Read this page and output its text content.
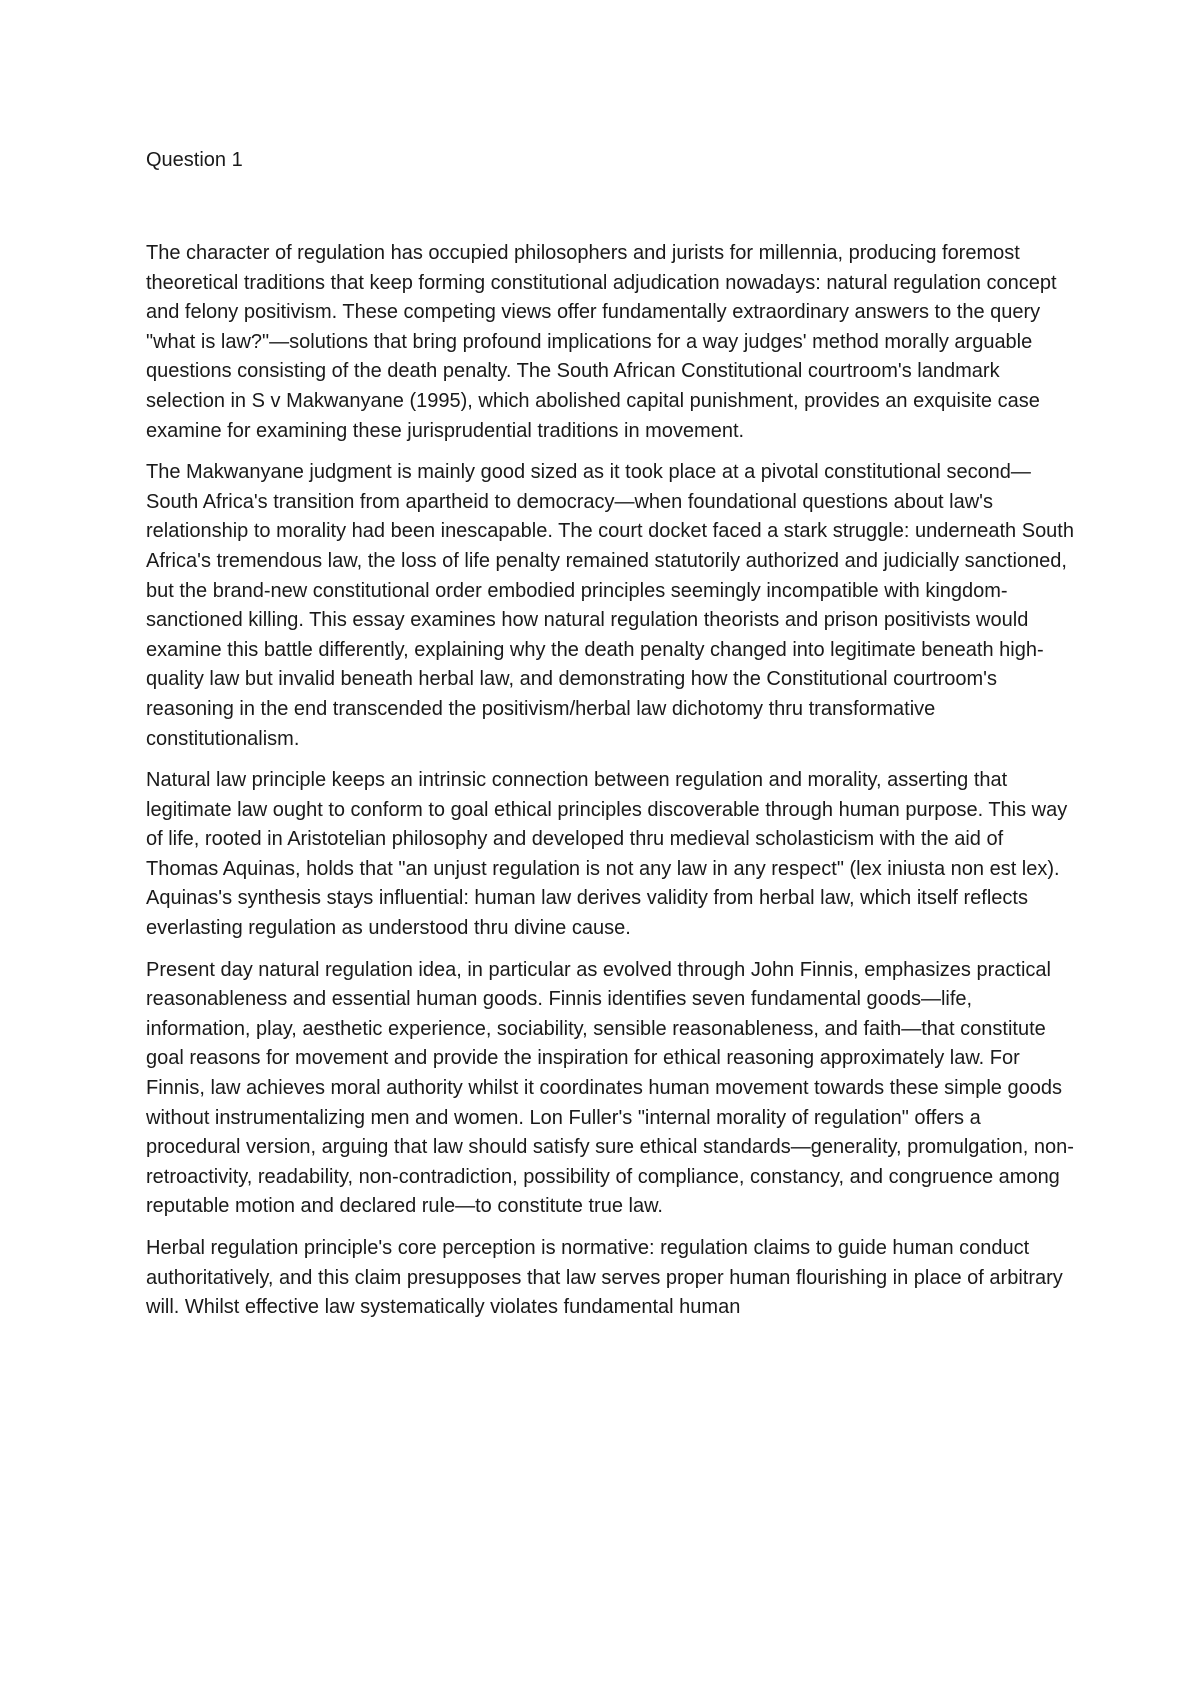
Question 1

The character of regulation has occupied philosophers and jurists for millennia, producing foremost theoretical traditions that keep forming constitutional adjudication nowadays: natural regulation concept and felony positivism. These competing views offer fundamentally extraordinary answers to the query "what is law?"—solutions that bring profound implications for a way judges' method morally arguable questions consisting of the death penalty. The South African Constitutional courtroom's landmark selection in S v Makwanyane (1995), which abolished capital punishment, provides an exquisite case examine for examining these jurisprudential traditions in movement.

The Makwanyane judgment is mainly good sized as it took place at a pivotal constitutional second—South Africa's transition from apartheid to democracy—when foundational questions about law's relationship to morality had been inescapable. The court docket faced a stark struggle: underneath South Africa's tremendous law, the loss of life penalty remained statutorily authorized and judicially sanctioned, but the brand-new constitutional order embodied principles seemingly incompatible with kingdom-sanctioned killing. This essay examines how natural regulation theorists and prison positivists would examine this battle differently, explaining why the death penalty changed into legitimate beneath high-quality law but invalid beneath herbal law, and demonstrating how the Constitutional courtroom's reasoning in the end transcended the positivism/herbal law dichotomy thru transformative constitutionalism.

Natural law principle keeps an intrinsic connection between regulation and morality, asserting that legitimate law ought to conform to goal ethical principles discoverable through human purpose. This way of life, rooted in Aristotelian philosophy and developed thru medieval scholasticism with the aid of Thomas Aquinas, holds that "an unjust regulation is not any law in any respect" (lex iniusta non est lex). Aquinas's synthesis stays influential: human law derives validity from herbal law, which itself reflects everlasting regulation as understood thru divine cause.

Present day natural regulation idea, in particular as evolved through John Finnis, emphasizes practical reasonableness and essential human goods. Finnis identifies seven fundamental goods—life, information, play, aesthetic experience, sociability, sensible reasonableness, and faith—that constitute goal reasons for movement and provide the inspiration for ethical reasoning approximately law. For Finnis, law achieves moral authority whilst it coordinates human movement towards these simple goods without instrumentalizing men and women. Lon Fuller's "internal morality of regulation" offers a procedural version, arguing that law should satisfy sure ethical standards—generality, promulgation, non-retroactivity, readability, non-contradiction, possibility of compliance, constancy, and congruence among reputable motion and declared rule—to constitute true law.

Herbal regulation principle's core perception is normative: regulation claims to guide human conduct authoritatively, and this claim presupposes that law serves proper human flourishing in place of arbitrary will. Whilst effective law systematically violates fundamental human
